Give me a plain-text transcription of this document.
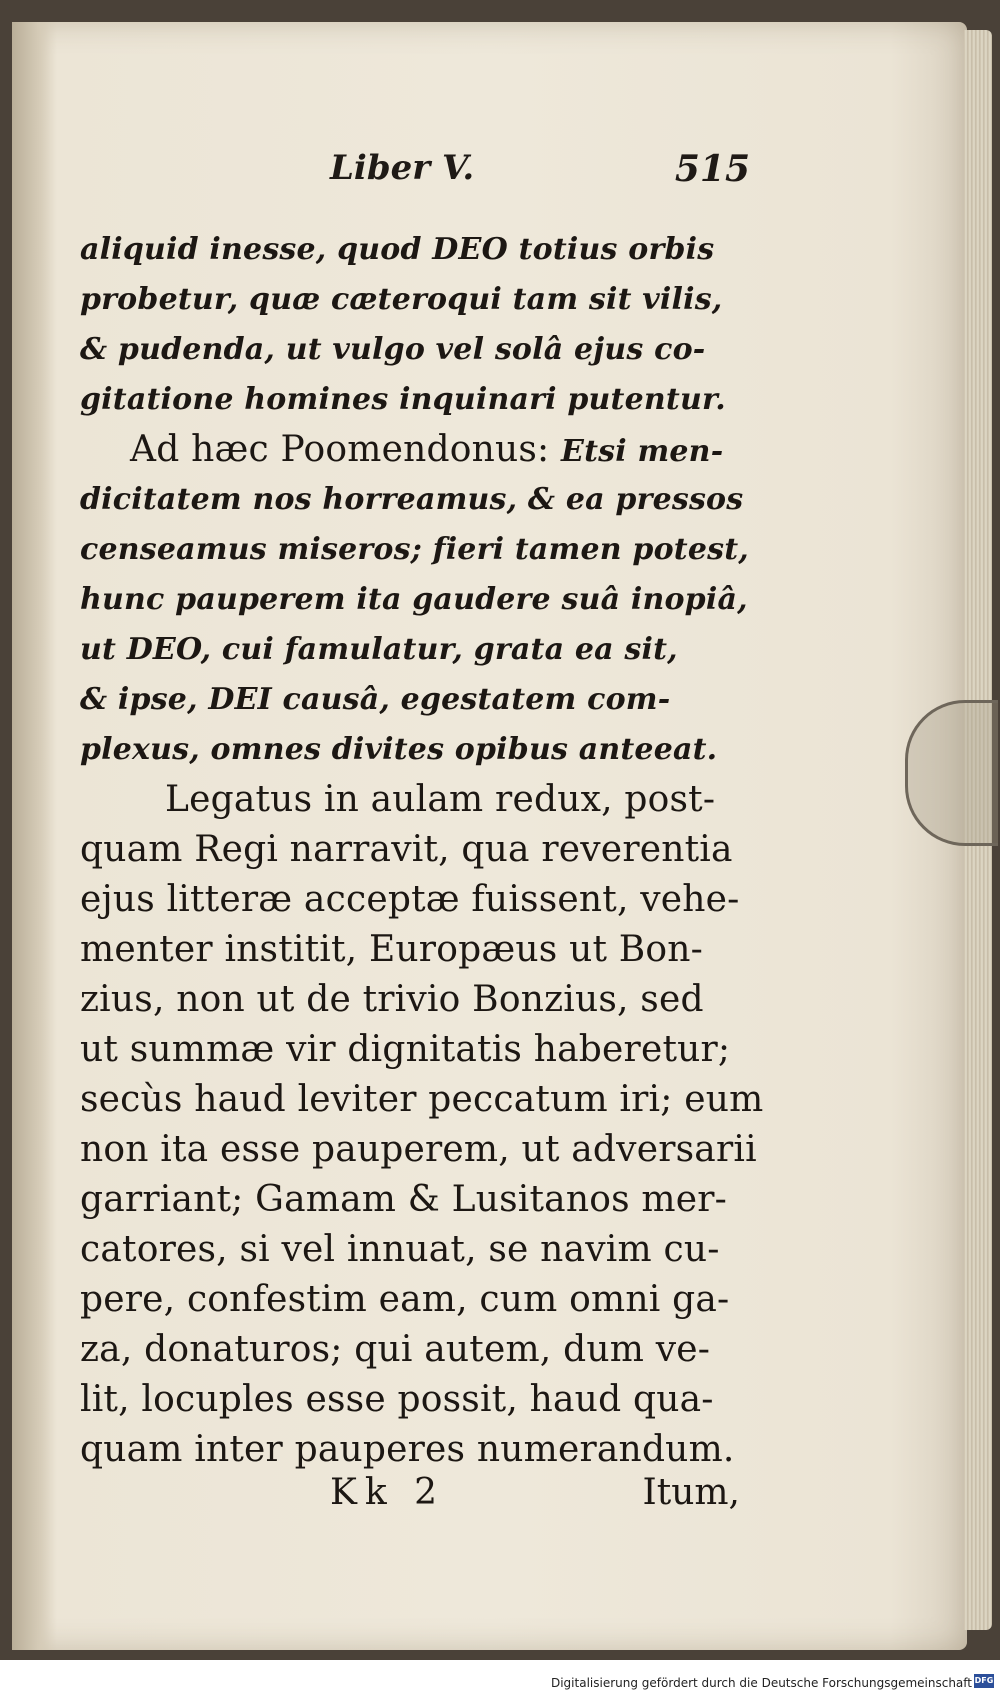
Liber V.	515
aliquid inesse, quod DEO totius orbis
probetur, quæ cæteroqui tam sit vilis,
& pudenda, ut vulgo vel solâ ejus co-
gitatione homines inquinari putentur.
Ad hæc Poomendonus: Etsi men-
dicitatem nos horreamus, & ea pressos
censeamus miseros; fieri tamen potest,
hunc pauperem ita gaudere suâ inopiâ,
ut DEO, cui famulatur, grata ea sit,
& ipse, DEI causâ, egestatem com-
plexus, omnes divites opibus anteeat.
Legatus in aulam redux, post-
quam Regi narravit, qua reverentia
ejus litteræ acceptæ fuissent, vehe-
menter institit, Europæus ut Bon-
zius, non ut de trivio Bonzius, sed
ut summæ vir dignitatis haberetur;
secùs haud leviter peccatum iri; eum
non ita esse pauperem, ut adversarii
garriant; Gamam & Lusitanos mer-
catores, si vel innuat, se navim cu-
pere, confestim eam, cum omni ga-
za, donaturos; qui autem, dum ve-
lit, locuples esse possit, haud qua-
quam inter pauperes numerandum.
Kk 2	Itum,
Digitalisierung gefördert durch die Deutsche Forschungsgemeinschaft DFG
